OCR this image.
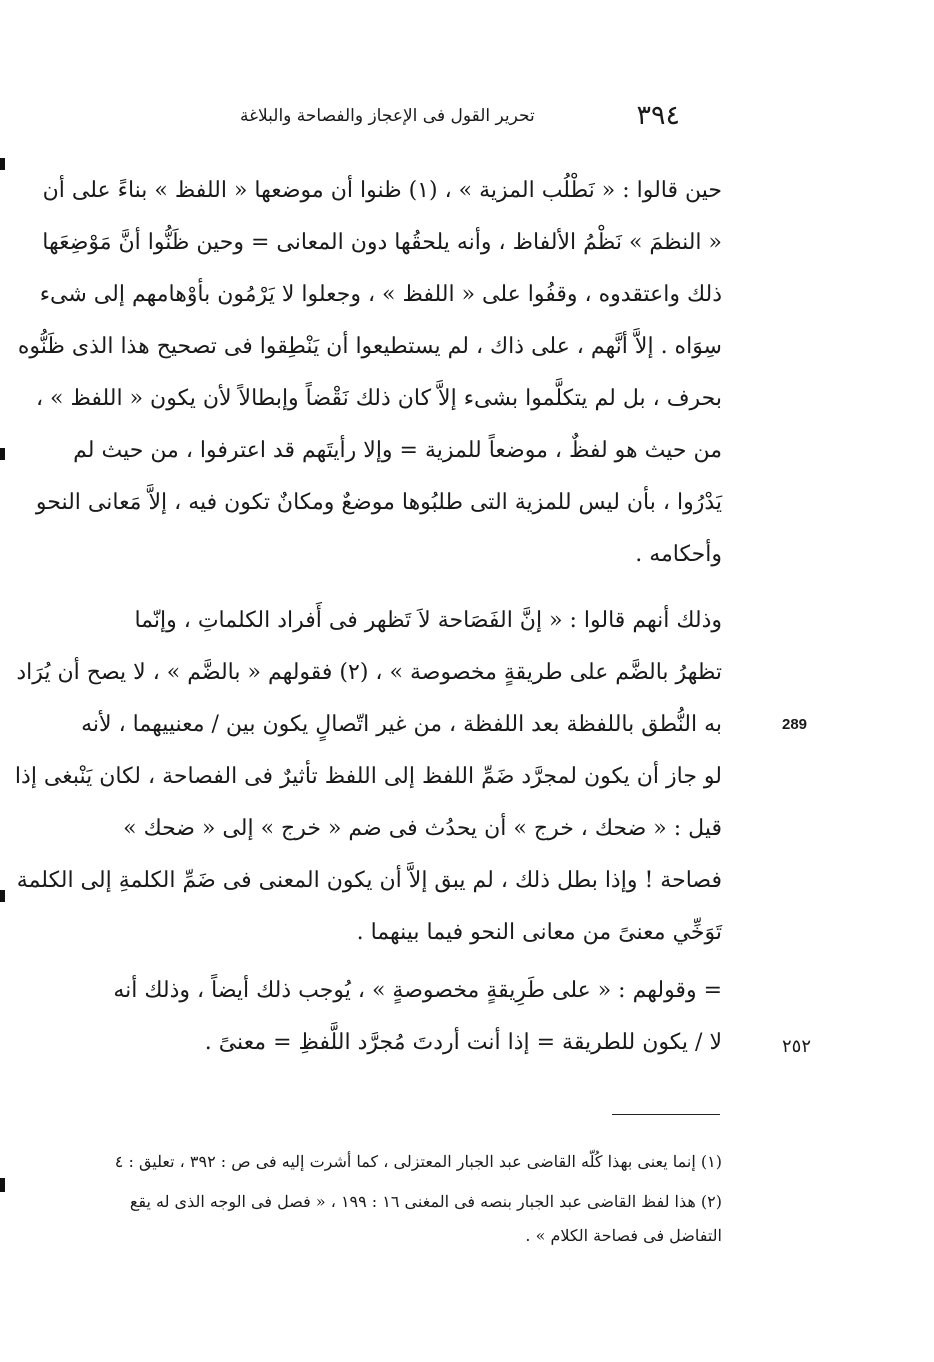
٣٩٤
تحرير القول فى الإعجاز والفصاحة والبلاغة
حين قالوا : « نَطْلُب المزية » ، (١) ظنوا أن موضعها « اللفظ » بناءً على أن
« النظمَ » نَظْمُ الألفاظ ، وأنه يلحقُها دون المعانى = وحين ظَنُّوا أنَّ مَوْضِعَها
ذلك واعتقدوه ، وقفُوا على « اللفظ » ، وجعلوا لا يَرْمُون بأوْهامهم إلى شىء
سِوَاه . إلاَّ أنَّهم ، على ذاك ، لم يستطيعوا أن يَنْطِقوا فى تصحيح هذا الذى ظَنُّوه
بحرف ، بل لم يتكلَّموا بشىء إلاَّ كان ذلك نَقْضاً وإبطالاً لأن يكون « اللفظ » ،
من حيث هو لفظٌ ، موضعاً للمزية = وإلا رأيتَهم قد اعترفوا ، من حيث لم
يَدْرُوا ، بأن ليس للمزية التى طلبُوها موضعٌ ومكانٌ تكون فيه ، إلاَّ مَعانى النحو
وأحكامه .
وذلك أنهم قالوا : « إنَّ الفَصَاحة لاَ تَظهر فى أَفراد الكلماتِ ، وإنّما
تظهرُ بالضَّم على طريقةٍ مخصوصة » ، (٢) فقولهم « بالضَّم » ، لا يصح أن يُرَاد
به النُّطق باللفظة بعد اللفظة ، من غير اتّصالٍ يكون بين / معنييهما ، لأنه
لو جاز أن يكون لمجرَّد ضَمِّ اللفظ إلى اللفظ تأثيرٌ فى الفصاحة ، لكان يَنْبغى إذا
قيل : « ضحك ، خرج » أن يحدُث فى ضم « خرج » إلى « ضحك »
فصاحة ! وإذا بطل ذلك ، لم يبق إلاَّ أن يكون المعنى فى ضَمِّ الكلمةِ إلى الكلمة
تَوَخِّي معنىً من معانى النحو فيما بينهما .
= وقولهم : « على طَرِيقةٍ مخصوصةٍ » ، يُوجب ذلك أيضاً ، وذلك أنه
لا / يكون للطريقة = إذا أنت أردتَ مُجرَّد اللَّفظِ = معنىً .
289
٢٥٢
(١) إنما يعنى بهذا كُلّه القاضى عبد الجبار المعتزلى ، كما أشرت إليه فى ص : ٣٩٢ ، تعليق : ٤
(٢) هذا لفظ القاضى عبد الجبار بنصه فى المغنى ١٦ : ١٩٩ ، « فصل فى الوجه الذى له يقع
التفاضل فى فصاحة الكلام » .
